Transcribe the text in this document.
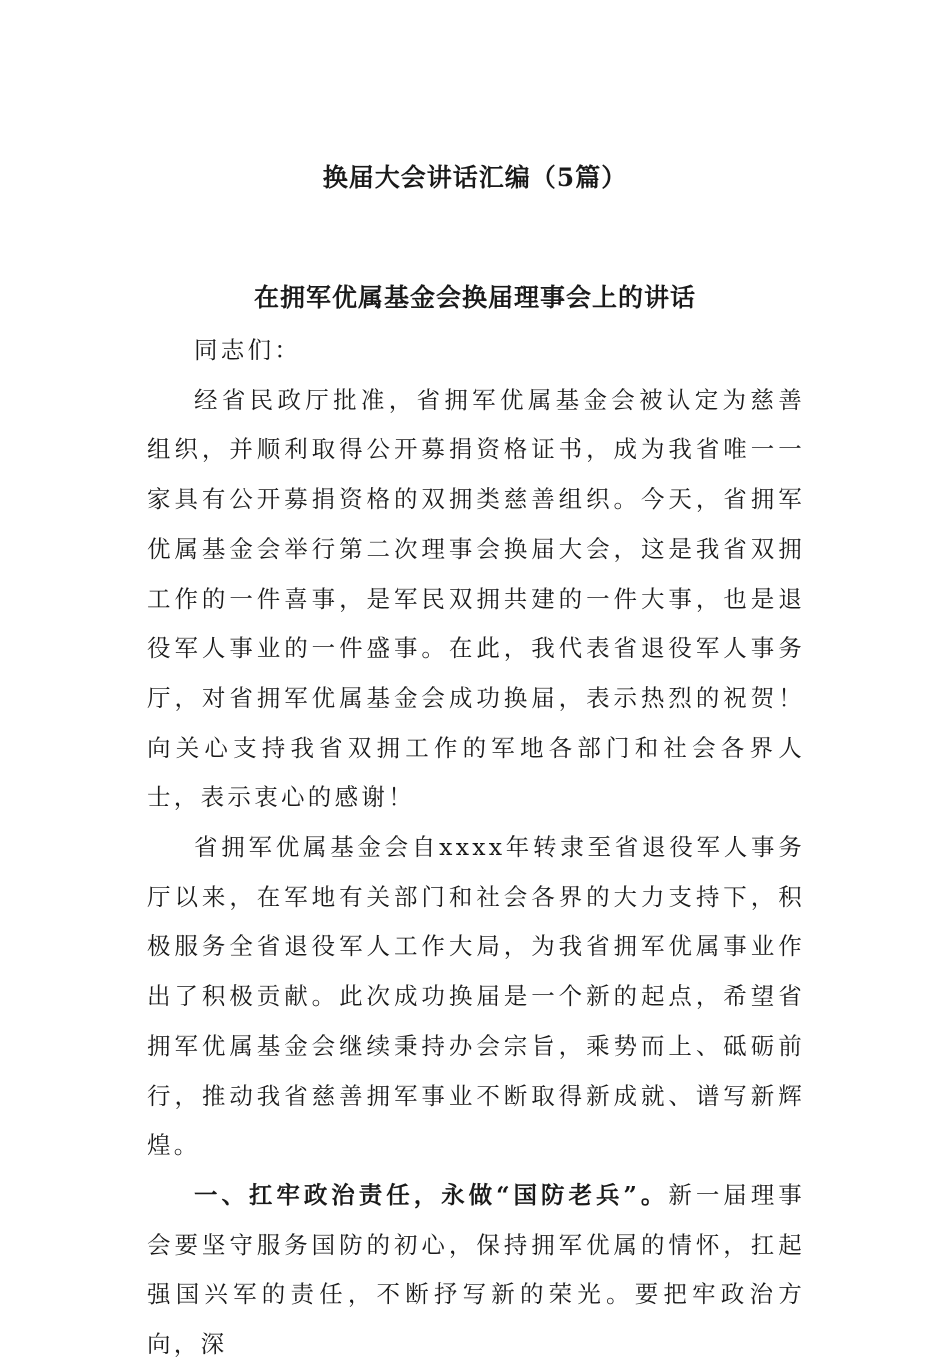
换届大会讲话汇编（5篇）
在拥军优属基金会换届理事会上的讲话

同志们：

经省民政厅批准，省拥军优属基金会被认定为慈善组织，并顺利取得公开募捐资格证书，成为我省唯一一家具有公开募捐资格的双拥类慈善组织。今天，省拥军优属基金会举行第二次理事会换届大会，这是我省双拥工作的一件喜事，是军民双拥共建的一件大事，也是退役军人事业的一件盛事。在此，我代表省退役军人事务厅，对省拥军优属基金会成功换届，表示热烈的祝贺！向关心支持我省双拥工作的军地各部门和社会各界人士，表示衷心的感谢！

省拥军优属基金会自xxxx年转隶至省退役军人事务厅以来，在军地有关部门和社会各界的大力支持下，积极服务全省退役军人工作大局，为我省拥军优属事业作出了积极贡献。此次成功换届是一个新的起点，希望省拥军优属基金会继续秉持办会宗旨，乘势而上、砥砺前行，推动我省慈善拥军事业不断取得新成就、谱写新辉煌。

一、扛牢政治责任，永做“国防老兵”。新一届理事会要坚守服务国防的初心，保持拥军优属的情怀，扛起强国兴军的责任，不断抒写新的荣光。要把牢政治方向，深
